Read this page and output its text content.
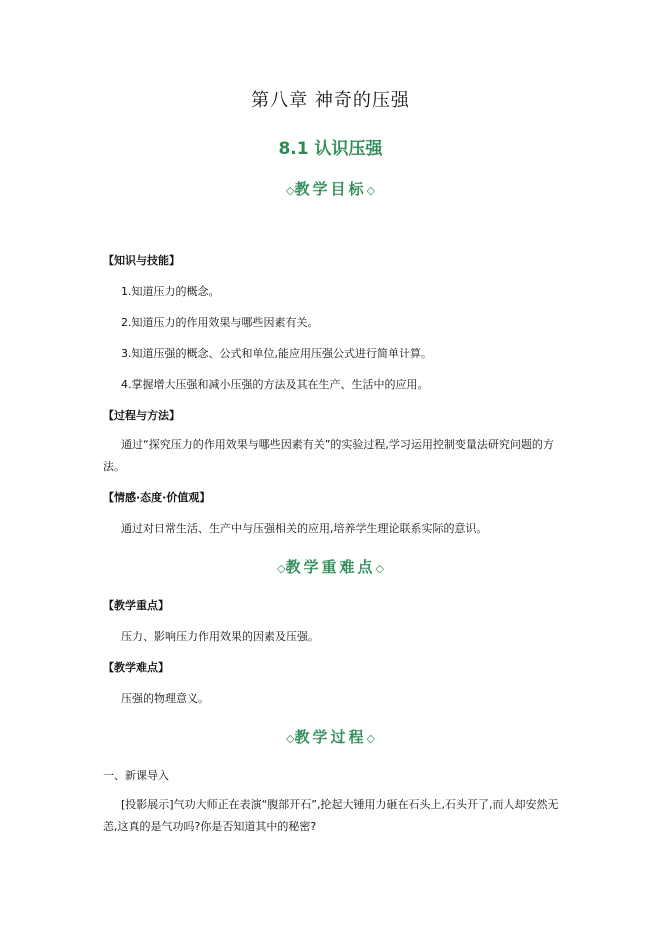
第八章 神奇的压强
8.1 认识压强
◇教学目标◇
【知识与技能】
1.知道压力的概念。
2.知道压力的作用效果与哪些因素有关。
3.知道压强的概念、公式和单位,能应用压强公式进行简单计算。
4.掌握增大压强和减小压强的方法及其在生产、生活中的应用。
【过程与方法】
通过“探究压力的作用效果与哪些因素有关”的实验过程,学习运用控制变量法研究问题的方法。
【情感·态度·价值观】
通过对日常生活、生产中与压强相关的应用,培养学生理论联系实际的意识。
◇教学重难点◇
【教学重点】
压力、影响压力作用效果的因素及压强。
【教学难点】
压强的物理意义。
◇教学过程◇
一、新课导入
[投影展示]气功大师正在表演“腹部开石”,抡起大锤用力砸在石头上,石头开了,而人却安然无恙,这真的是气功吗?你是否知道其中的秘密?
